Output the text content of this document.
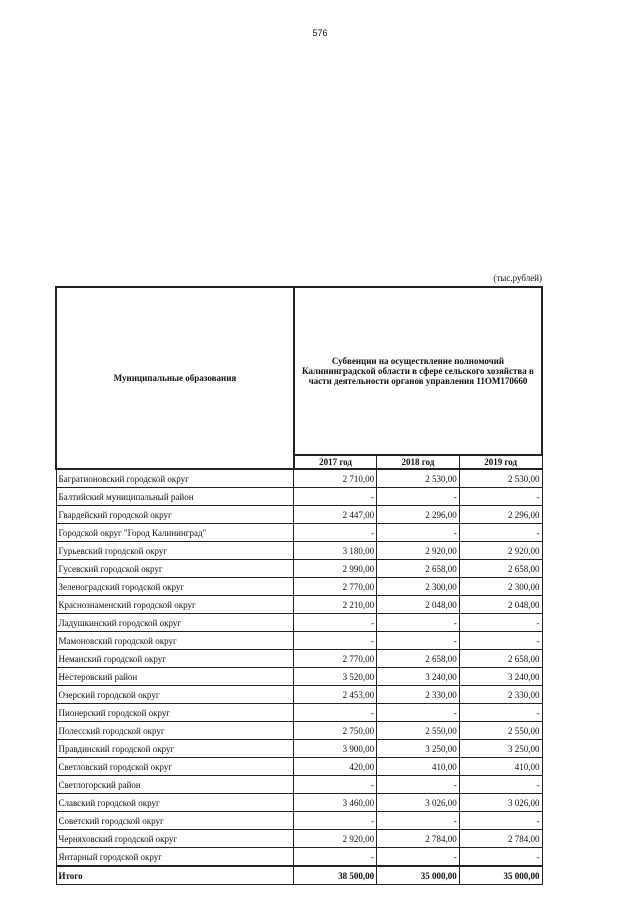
576
(тыс.рублей)
Муниципальные образования	Субвенции на осуществление полномочий Калининградской области в сфере сельского хозяйства в части деятельности органов управления 11ОМ170660		
	2017 год	2018 год	2019 год
Багратионовский городской округ	2 710,00	2 530,00	2 530,00
Балтийский муниципальный район	-	-	-
Гвардейский городской округ	2 447,00	2 296,00	2 296,00
Городской округ "Город Калининград"	-	-	-
Гурьевский городской округ	3 180,00	2 920,00	2 920,00
Гусевский городской округ	2 990,00	2 658,00	2 658,00
Зеленоградский городской округ	2 770,00	2 300,00	2 300,00
Краснознаменский городской округ	2 210,00	2 048,00	2 048,00
Ладушкинский городской округ	-	-	-
Мамоновский городской округ	-	-	-
Неманский городской округ	2 770,00	2 658,00	2 658,00
Нестеровский район	3 520,00	3 240,00	3 240,00
Озерский городской округ	2 453,00	2 330,00	2 330,00
Пионерский городской округ	-	-	-
Полесский городской округ	2 750,00	2 550,00	2 550,00
Правдинский городской округ	3 900,00	3 250,00	3 250,00
Светловский городской округ	420,00	410,00	410,00
Светлогорский район	-	-	-
Славский городской округ	3 460,00	3 026,00	3 026,00
Советский городской округ	-	-	-
Черняховский городской округ	2 920,00	2 784,00	2 784,00
Янтарный городской округ	-	-	-
Итого	38 500,00	35 000,00	35 000,00
